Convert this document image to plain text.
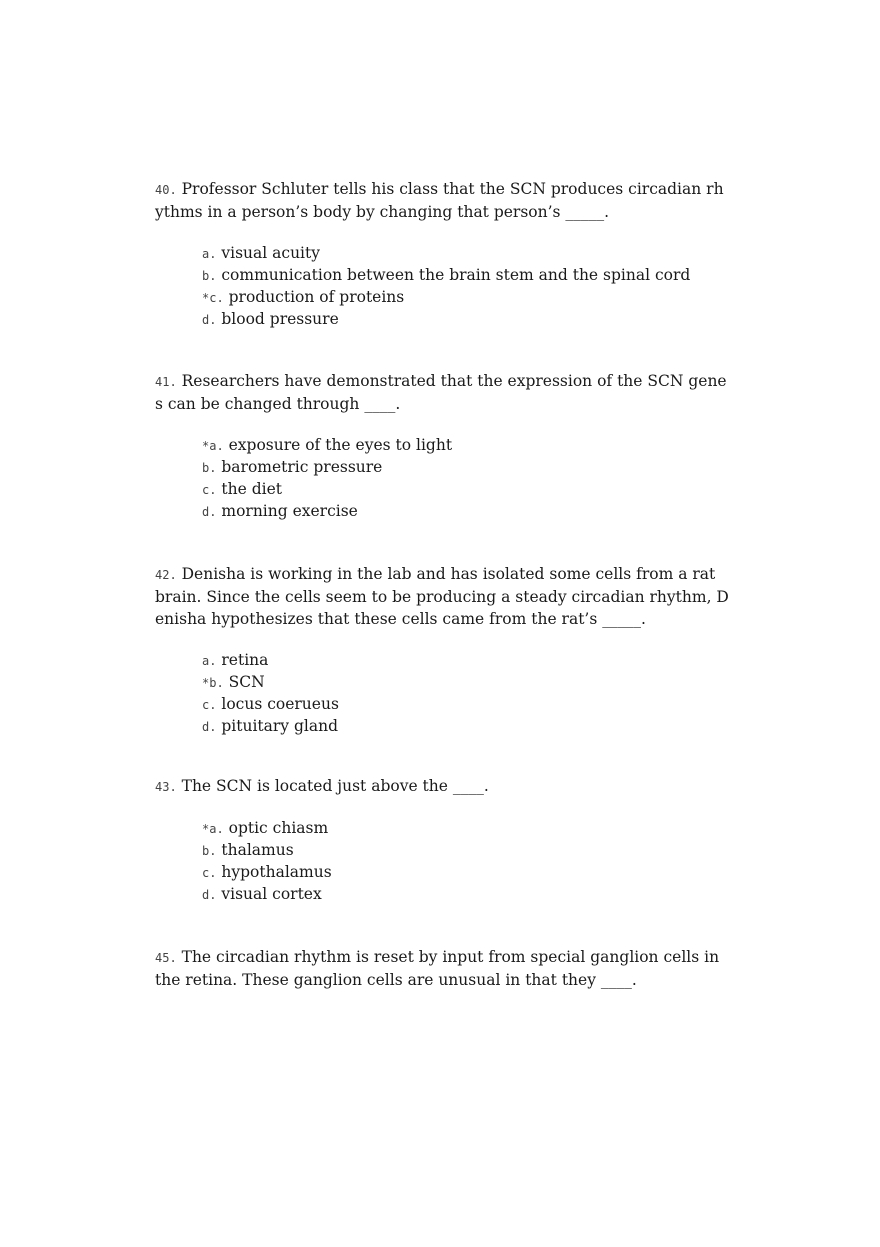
40. Professor Schluter tells his class that the SCN produces circadian rhythms in a person’s body by changing that person’s _____.

a. visual acuity
b. communication between the brain stem and the spinal cord
*c. production of proteins
d. blood pressure

41. Researchers have demonstrated that the expression of the SCN genes can be changed through ____.

*a. exposure of the eyes to light
b. barometric pressure
c. the diet
d. morning exercise

42. Denisha is working in the lab and has isolated some cells from a rat brain. Since the cells seem to be producing a steady circadian rhythm, Denisha hypothesizes that these cells came from the rat’s _____.

a. retina
*b. SCN
c. locus coerueus
d. pituitary gland

43. The SCN is located just above the ____.

*a. optic chiasm
b. thalamus
c. hypothalamus
d. visual cortex

45. The circadian rhythm is reset by input from special ganglion cells in the retina. These ganglion cells are unusual in that they ____.
